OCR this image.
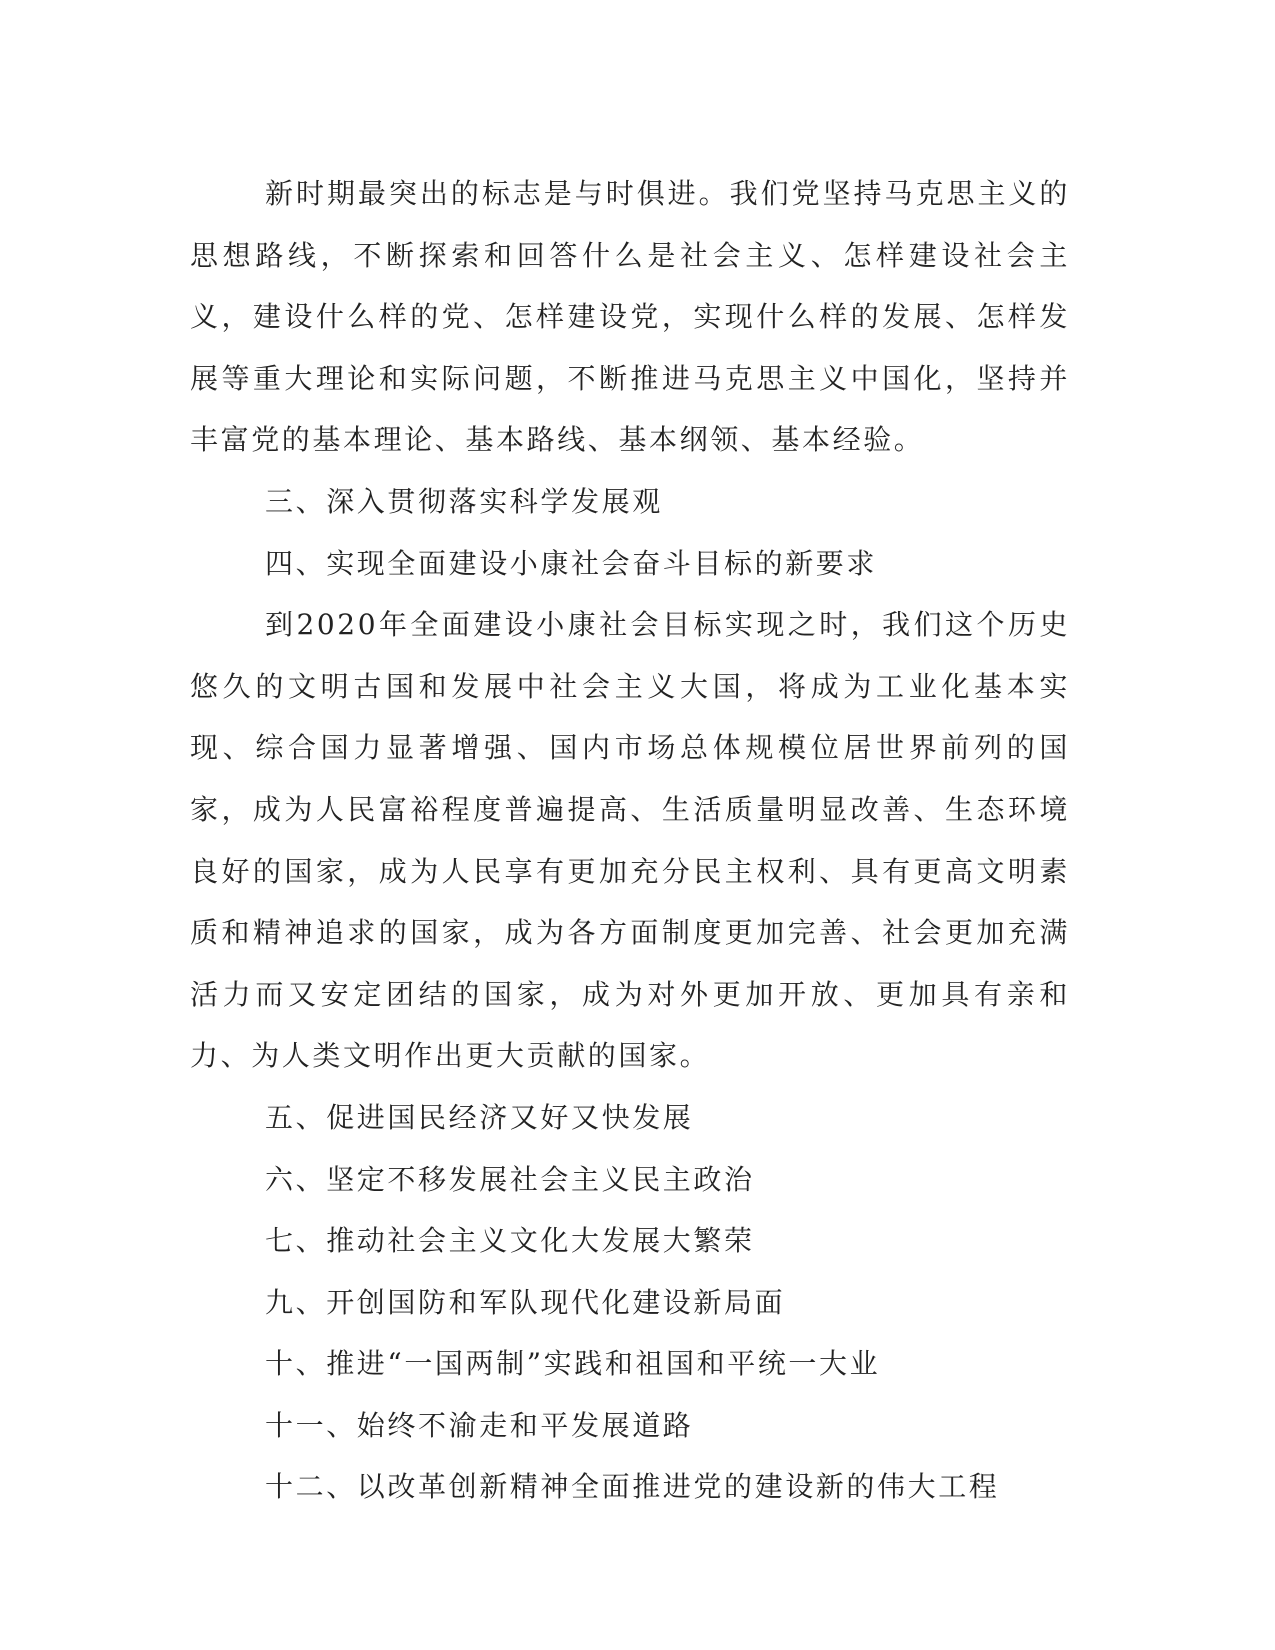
新时期最突出的标志是与时俱进。我们党坚持马克思主义的思想路线，不断探索和回答什么是社会主义、怎样建设社会主义，建设什么样的党、怎样建设党，实现什么样的发展、怎样发展等重大理论和实际问题，不断推进马克思主义中国化，坚持并丰富党的基本理论、基本路线、基本纲领、基本经验。

三、深入贯彻落实科学发展观

四、实现全面建设小康社会奋斗目标的新要求

到2020年全面建设小康社会目标实现之时，我们这个历史悠久的文明古国和发展中社会主义大国，将成为工业化基本实现、综合国力显著增强、国内市场总体规模位居世界前列的国家，成为人民富裕程度普遍提高、生活质量明显改善、生态环境良好的国家，成为人民享有更加充分民主权利、具有更高文明素质和精神追求的国家，成为各方面制度更加完善、社会更加充满活力而又安定团结的国家，成为对外更加开放、更加具有亲和力、为人类文明作出更大贡献的国家。

五、促进国民经济又好又快发展

六、坚定不移发展社会主义民主政治

七、推动社会主义文化大发展大繁荣

九、开创国防和军队现代化建设新局面

十、推进“一国两制”实践和祖国和平统一大业

十一、始终不渝走和平发展道路

十二、以改革创新精神全面推进党的建设新的伟大工程
